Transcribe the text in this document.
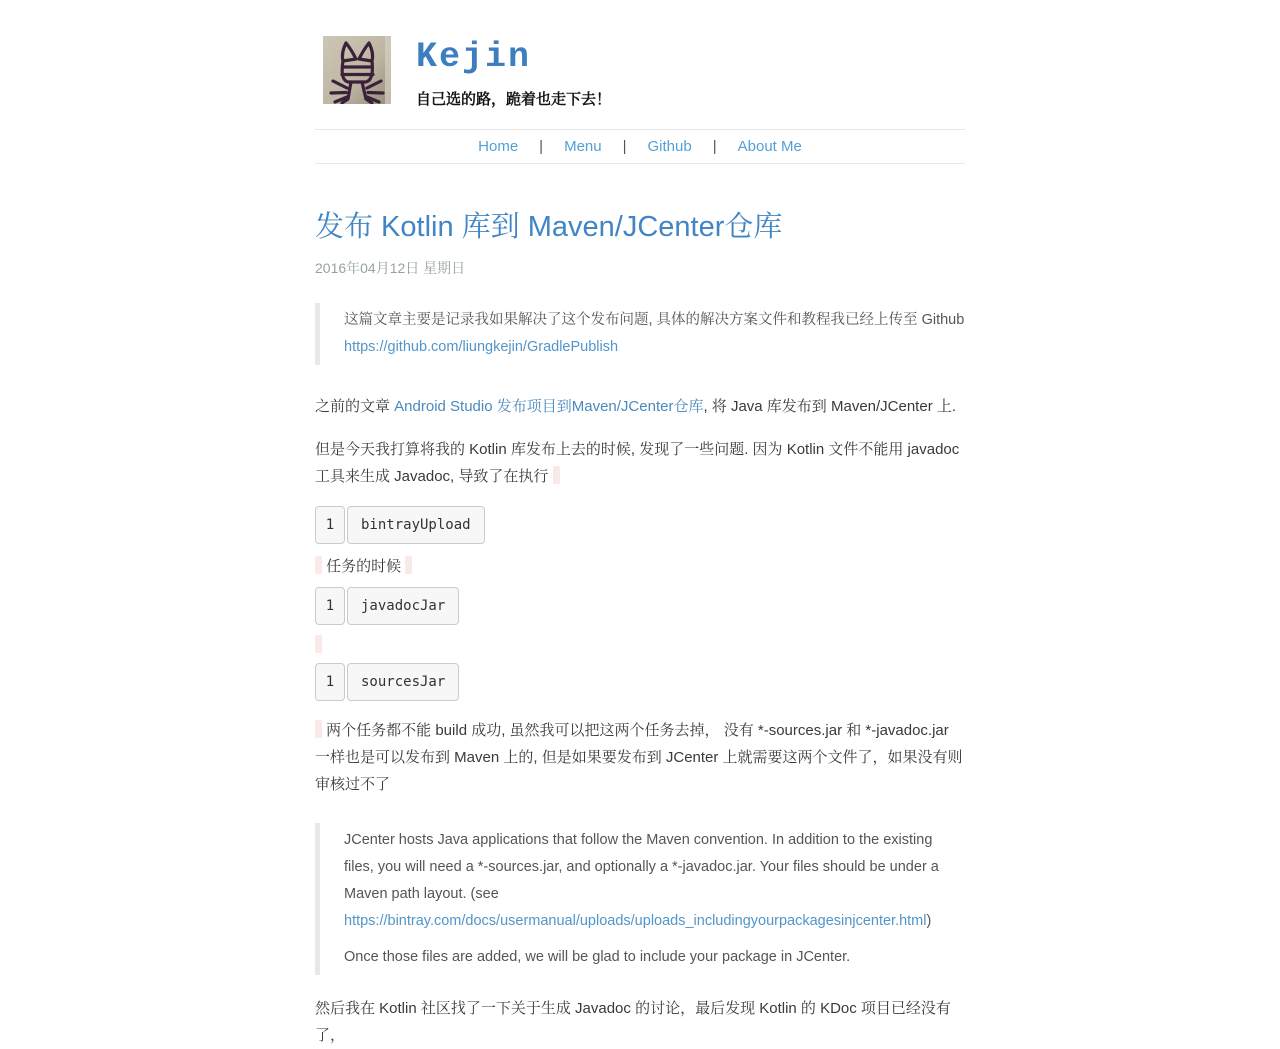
Kejin
自己选的路，跪着也走下去！
Home | Menu | Github | About Me
发布 Kotlin 库到 Maven/JCenter仓库
2016年04月12日 星期日

这篇文章主要是记录我如果解决了这个发布问题, 具体的解决方案文件和教程我已经上传至 Github
https://github.com/liungkejin/GradlePublish

之前的文章 Android Studio 发布项目到Maven/JCenter仓库, 将 Java 库发布到 Maven/JCenter 上.

但是今天我打算将我的 Kotlin 库发布上去的时候, 发现了一些问题. 因为 Kotlin 文件不能用 javadoc 工具来生成 Javadoc, 导致了在执行

1	bintrayUpload
任务的时候
1	javadocJar
1	sourcesJar

两个任务都不能 build 成功, 虽然我可以把这两个任务去掉， 没有 *-sources.jar 和 *-javadoc.jar 一样也是可以发布到 Maven 上的, 但是如果要发布到 JCenter 上就需要这两个文件了，如果没有则审核过不了

JCenter hosts Java applications that follow the Maven convention. In addition to the existing files, you will need a *-sources.jar, and optionally a *-javadoc.jar. Your files should be under a Maven path layout. (see https://bintray.com/docs/usermanual/uploads/uploads_includingyourpackagesinjcenter.html)

Once those files are added, we will be glad to include your package in JCenter.

然后我在 Kotlin 社区找了一下关于生成 Javadoc 的讨论，最后发现 Kotlin 的 KDoc 项目已经没有了，
